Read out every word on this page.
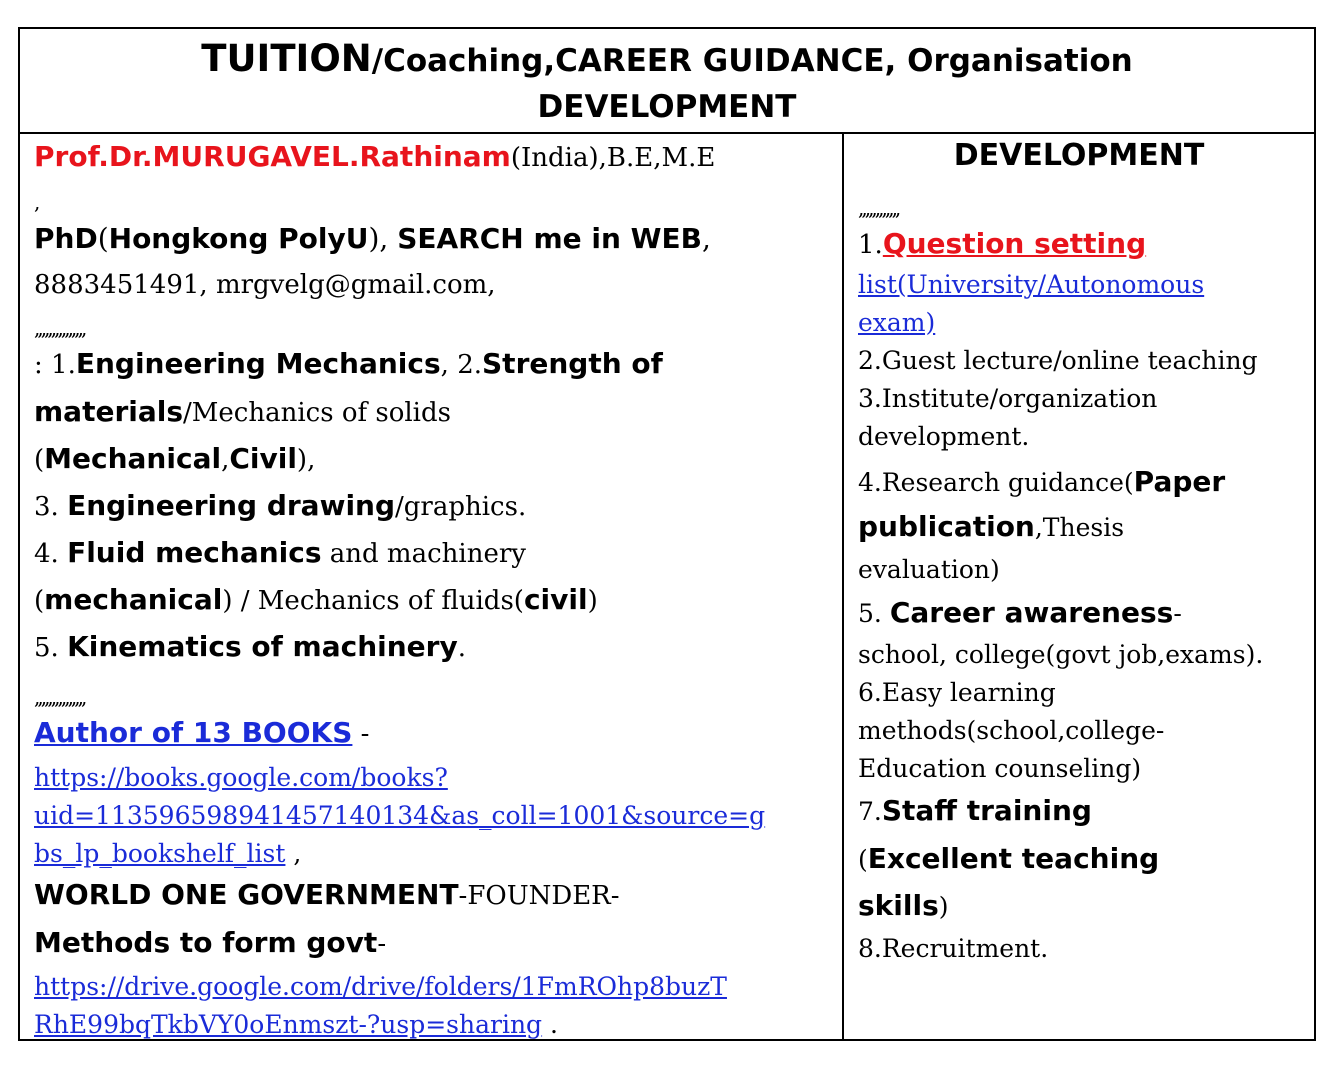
TUITION/Coaching,CAREER GUIDANCE, Organisation
DEVELOPMENT
Prof.Dr.MURUGAVEL.Rathinam(India),B.E,M.E
,
PhD(Hongkong PolyU), SEARCH me in WEB,
8883451491, mrgvelg@gmail.com,
,,,,,,,,,,,,,,,
: 1.Engineering Mechanics, 2.Strength of
materials/Mechanics of solids
(Mechanical,Civil),
3. Engineering drawing/graphics.
4. Fluid mechanics and machinery
(mechanical) / Mechanics of fluids(civil)
5. Kinematics of machinery.
,,,,,,,,,,,,,,,
Author of 13 BOOKS -
https://books.google.com/books?
uid=113596598941457140134&as_coll=1001&source=g
bs_lp_bookshelf_list ,
WORLD ONE GOVERNMENT-FOUNDER-
Methods to form govt-
https://drive.google.com/drive/folders/1FmROhp8buzT
RhE99bqTkbVY0oEnmszt-?usp=sharing .
DEVELOPMENT
,,,,,,,,,,,,
1.Question setting
list(University/Autonomous
exam)
2.Guest lecture/online teaching
3.Institute/organization
development.
4.Research guidance(Paper
publication,Thesis
evaluation)
5. Career awareness-
school, college(govt job,exams).
6.Easy learning
methods(school,college-
Education counseling)
7.Staff training
(Excellent teaching
skills)
8.Recruitment.
